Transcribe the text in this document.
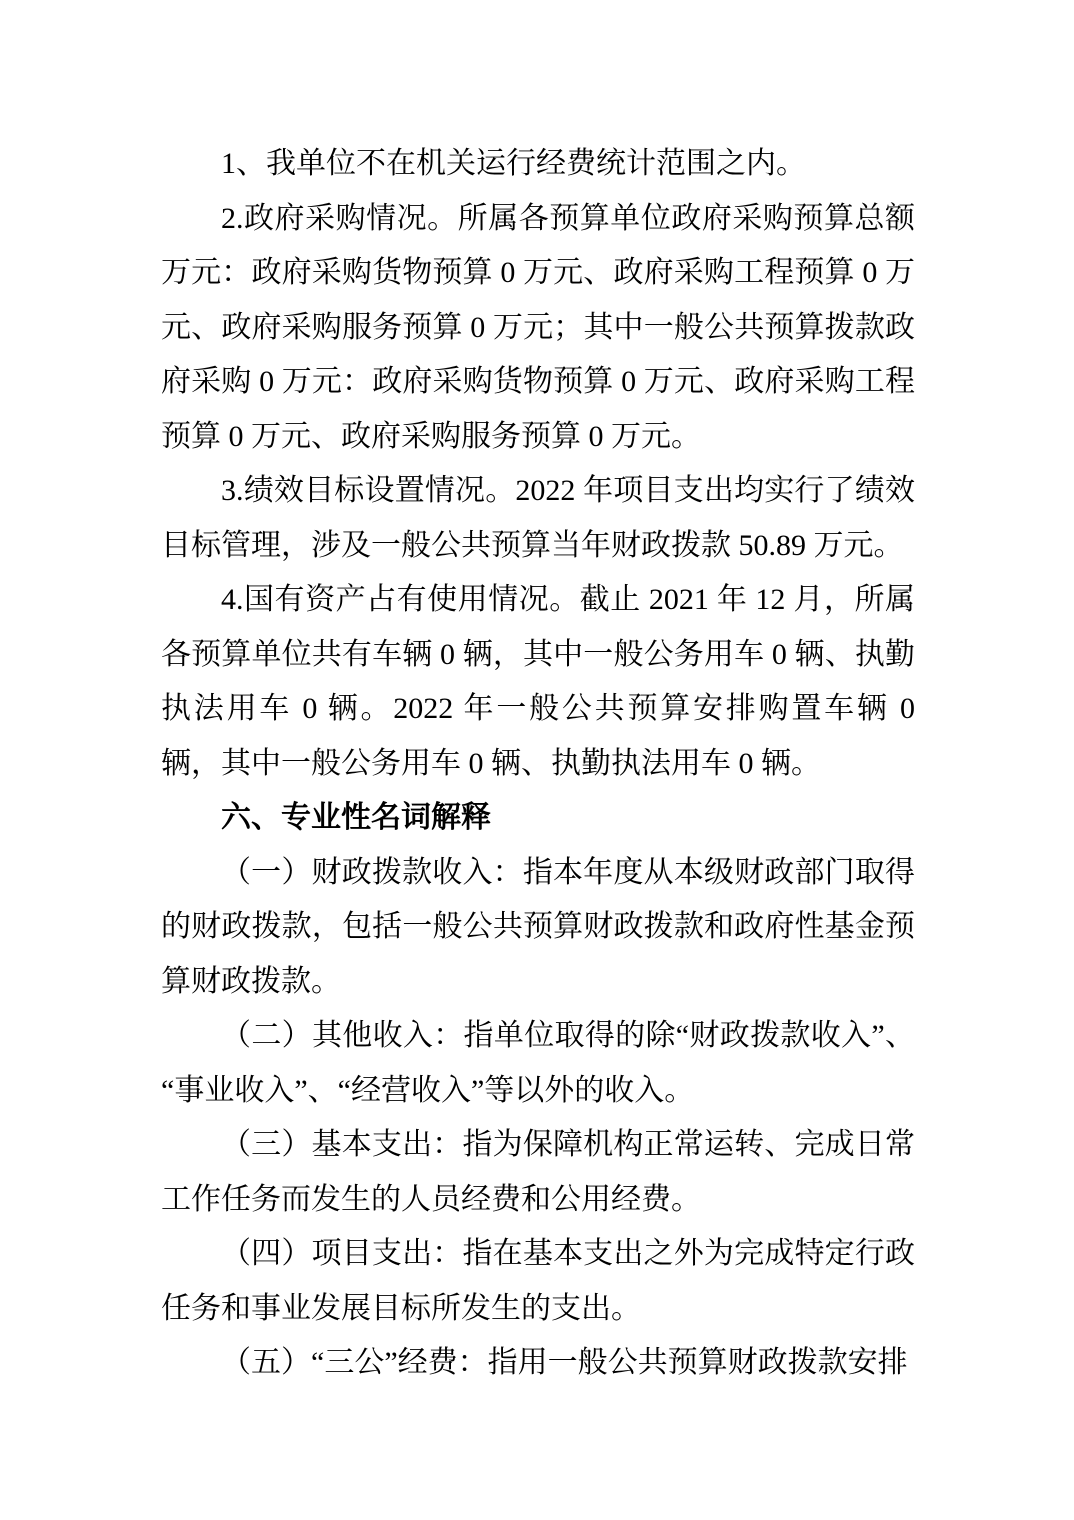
1、我单位不在机关运行经费统计范围之内。

2.政府采购情况。所属各预算单位政府采购预算总额 万元：政府采购货物预算 0 万元、政府采购工程预算 0 万元、政府采购服务预算 0 万元；其中一般公共预算拨款政府采购 0 万元：政府采购货物预算 0 万元、政府采购工程预算 0 万元、政府采购服务预算 0 万元。

3.绩效目标设置情况。2022 年项目支出均实行了绩效目标管理，涉及一般公共预算当年财政拨款 50.89 万元。

4.国有资产占有使用情况。截止 2021 年 12 月，所属各预算单位共有车辆 0 辆，其中一般公务用车 0 辆、执勤执法用车 0 辆。2022 年一般公共预算安排购置车辆 0 辆，其中一般公务用车 0 辆、执勤执法用车 0 辆。

六、专业性名词解释

（一）财政拨款收入：指本年度从本级财政部门取得的财政拨款，包括一般公共预算财政拨款和政府性基金预算财政拨款。

（二）其他收入：指单位取得的除“财政拨款收入”、“事业收入”、“经营收入”等以外的收入。

（三）基本支出：指为保障机构正常运转、完成日常工作任务而发生的人员经费和公用经费。

（四）项目支出：指在基本支出之外为完成特定行政任务和事业发展目标所发生的支出。

（五）“三公”经费：指用一般公共预算财政拨款安排
